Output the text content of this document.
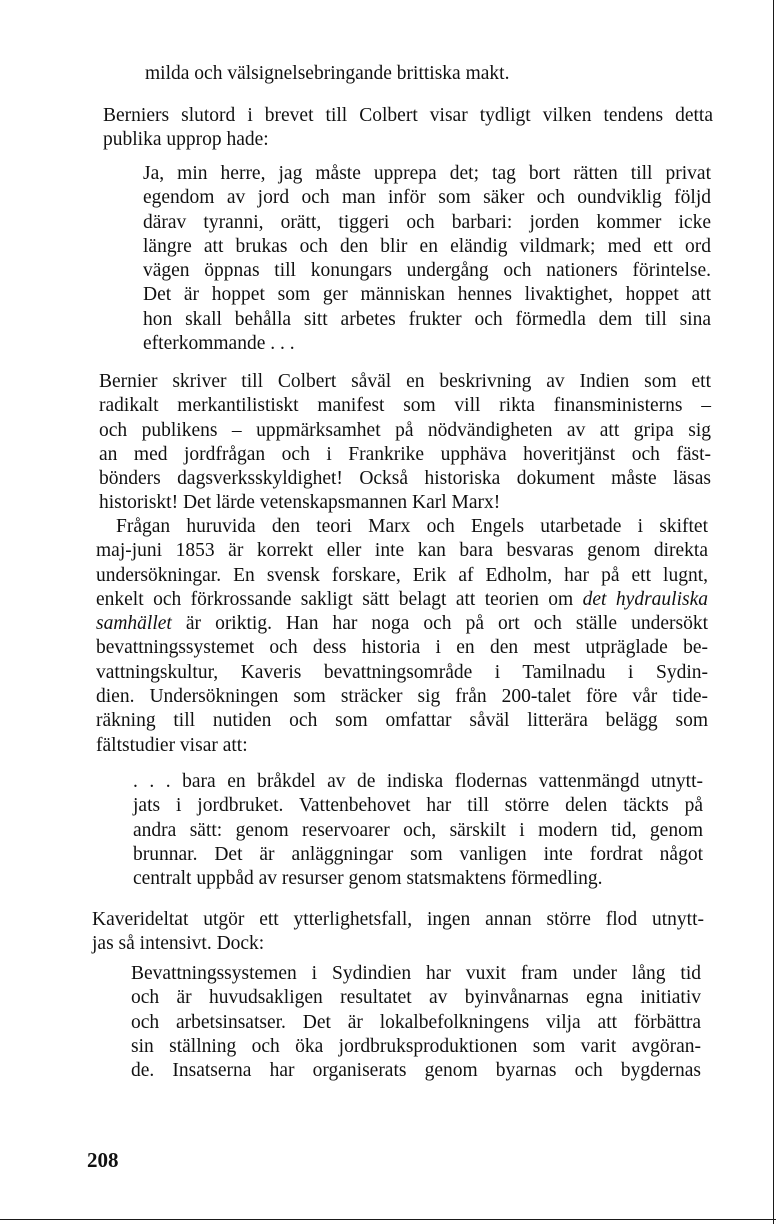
milda och välsignelsebringande brittiska makt.

Berniers slutord i brevet till Colbert visar tydligt vilken tendens detta
publika upprop hade:

Ja, min herre, jag måste upprepa det; tag bort rätten till privat
egendom av jord och man inför som säker och oundviklig följd
därav tyranni, orätt, tiggeri och barbari: jorden kommer icke
längre att brukas och den blir en eländig vildmark; med ett ord
vägen öppnas till konungars undergång och nationers förintelse.
Det är hoppet som ger människan hennes livaktighet, hoppet att
hon skall behålla sitt arbetes frukter och förmedla dem till sina
efterkommande . . .

Bernier skriver till Colbert såväl en beskrivning av Indien som ett
radikalt merkantilistiskt manifest som vill rikta finansministerns –
och publikens – uppmärksamhet på nödvändigheten av att gripa sig
an med jordfrågan och i Frankrike upphäva hoveritjänst och fäst-
bönders dagsverksskyldighet! Också historiska dokument måste läsas
historiskt! Det lärde vetenskapsmannen Karl Marx!

Frågan huruvida den teori Marx och Engels utarbetade i skiftet
maj-juni 1853 är korrekt eller inte kan bara besvaras genom direkta
undersökningar. En svensk forskare, Erik af Edholm, har på ett lugnt,
enkelt och förkrossande sakligt sätt belagt att teorien om det hydrauliska
samhället är oriktig. Han har noga och på ort och ställe undersökt
bevattningssystemet och dess historia i en den mest utpräglade be-
vattningskultur, Kaveris bevattningsområde i Tamilnadu i Sydin-
dien. Undersökningen som sträcker sig från 200-talet före vår tide-
räkning till nutiden och som omfattar såväl litterära belägg som
fältstudier visar att:

. . . bara en bråkdel av de indiska flodernas vattenmängd utnytt-
jats i jordbruket. Vattenbehovet har till större delen täckts på
andra sätt: genom reservoarer och, särskilt i modern tid, genom
brunnar. Det är anläggningar som vanligen inte fordrat något
centralt uppbåd av resurser genom statsmaktens förmedling.

Kaverideltat utgör ett ytterlighetsfall, ingen annan större flod utnytt-
jas så intensivt. Dock:

Bevattningssystemen i Sydindien har vuxit fram under lång tid
och är huvudsakligen resultatet av byinvånarnas egna initiativ
och arbetsinsatser. Det är lokalbefolkningens vilja att förbättra
sin ställning och öka jordbruksproduktionen som varit avgöran-
de. Insatserna har organiserats genom byarnas och bygdernas

208
